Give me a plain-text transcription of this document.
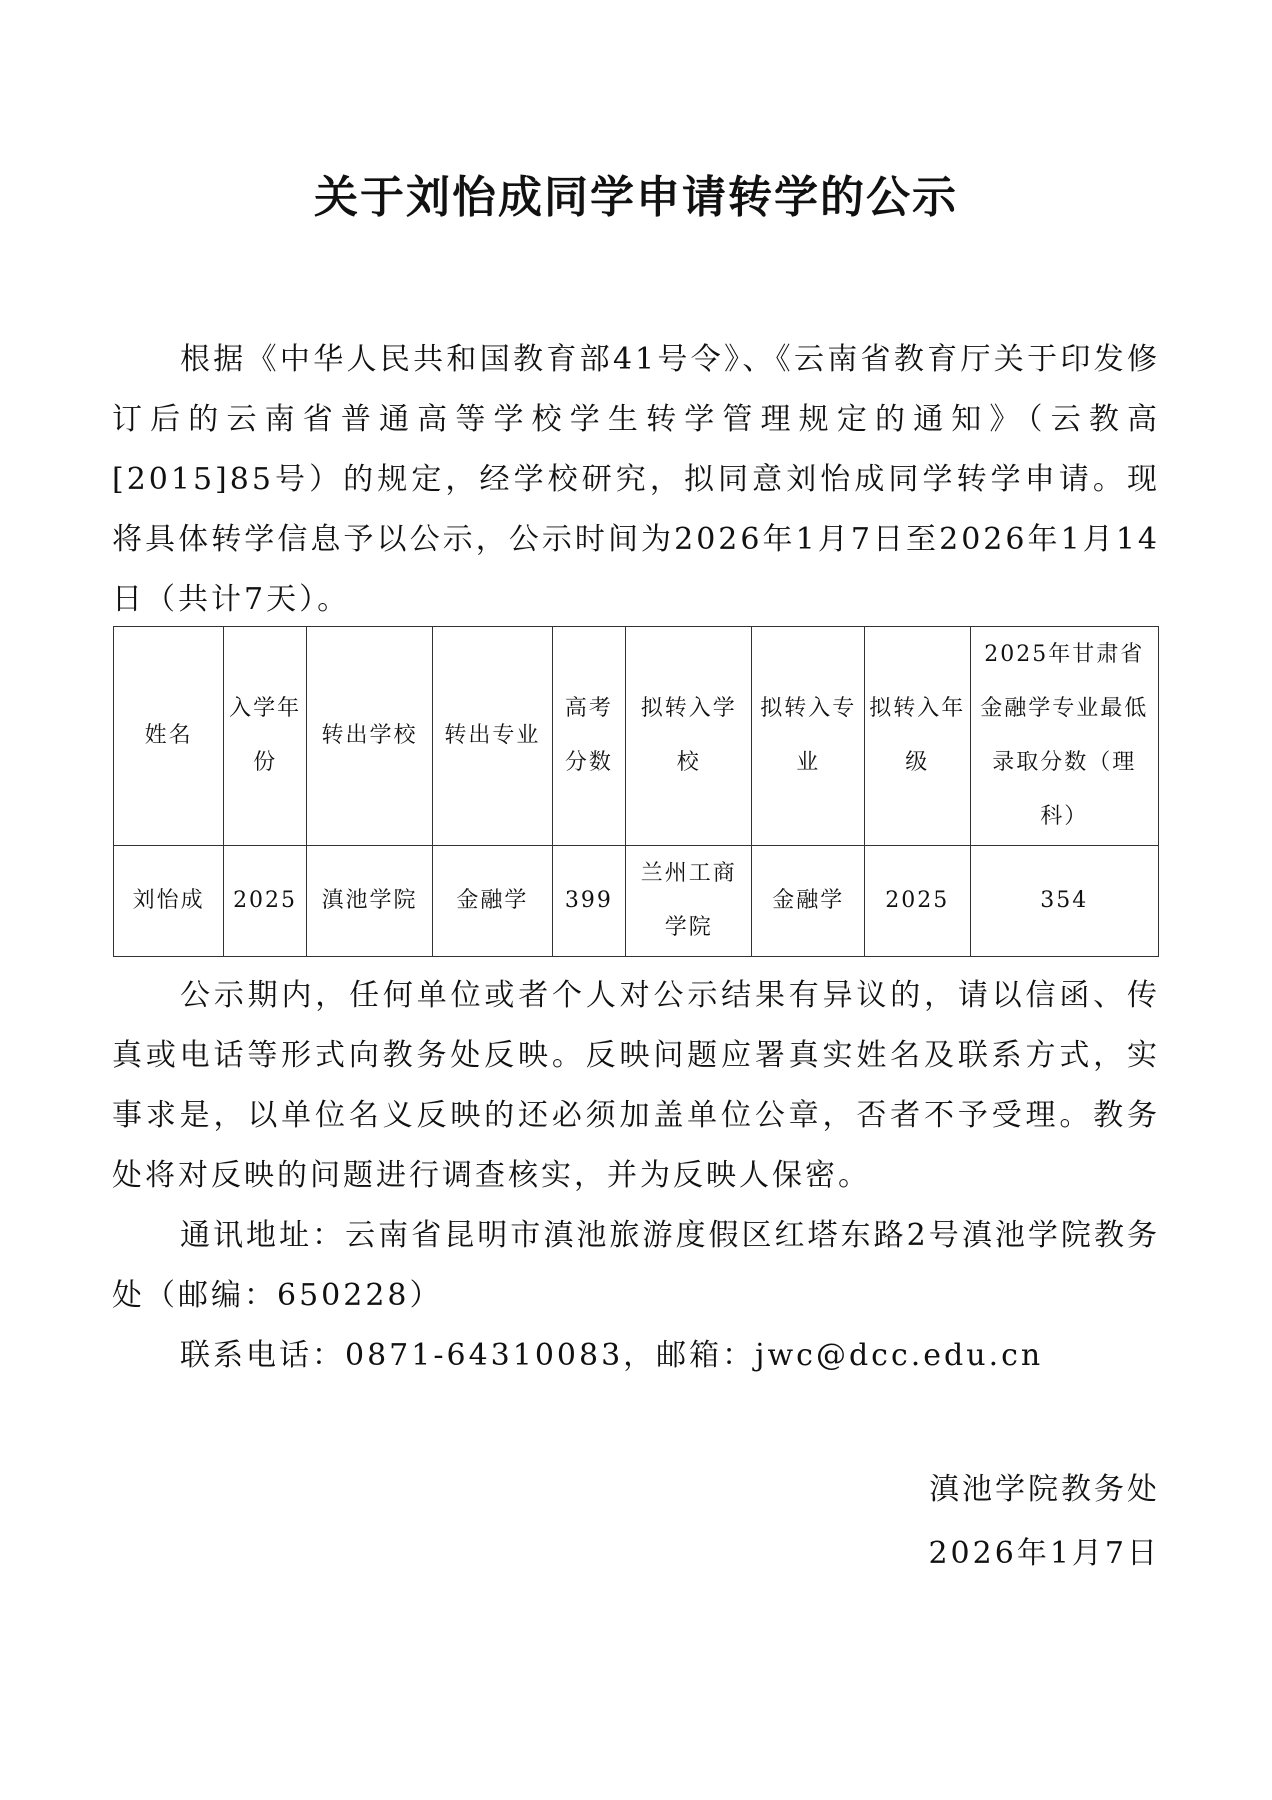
关于刘怡成同学申请转学的公示

根据《中华人民共和国教育部41号令》、《云南省教育厅关于印发修订后的云南省普通高等学校学生转学管理规定的通知》（云教高[2015]85号）的规定，经学校研究，拟同意刘怡成同学转学申请。现将具体转学信息予以公示，公示时间为2026年1月7日至2026年1月14日（共计7天）。

姓名	入学年份	转出学校	转出专业	高考分数	拟转入学校	拟转入专业	拟转入年级	2025年甘肃省金融学专业最低录取分数（理科）
刘怡成	2025	滇池学院	金融学	399	兰州工商学院	金融学	2025	354

公示期内，任何单位或者个人对公示结果有异议的，请以信函、传真或电话等形式向教务处反映。反映问题应署真实姓名及联系方式，实事求是，以单位名义反映的还必须加盖单位公章，否者不予受理。教务处将对反映的问题进行调查核实，并为反映人保密。

通讯地址：云南省昆明市滇池旅游度假区红塔东路2号滇池学院教务处（邮编：650228）

联系电话：0871-64310083，邮箱：jwc@dcc.edu.cn

滇池学院教务处
2026年1月7日
